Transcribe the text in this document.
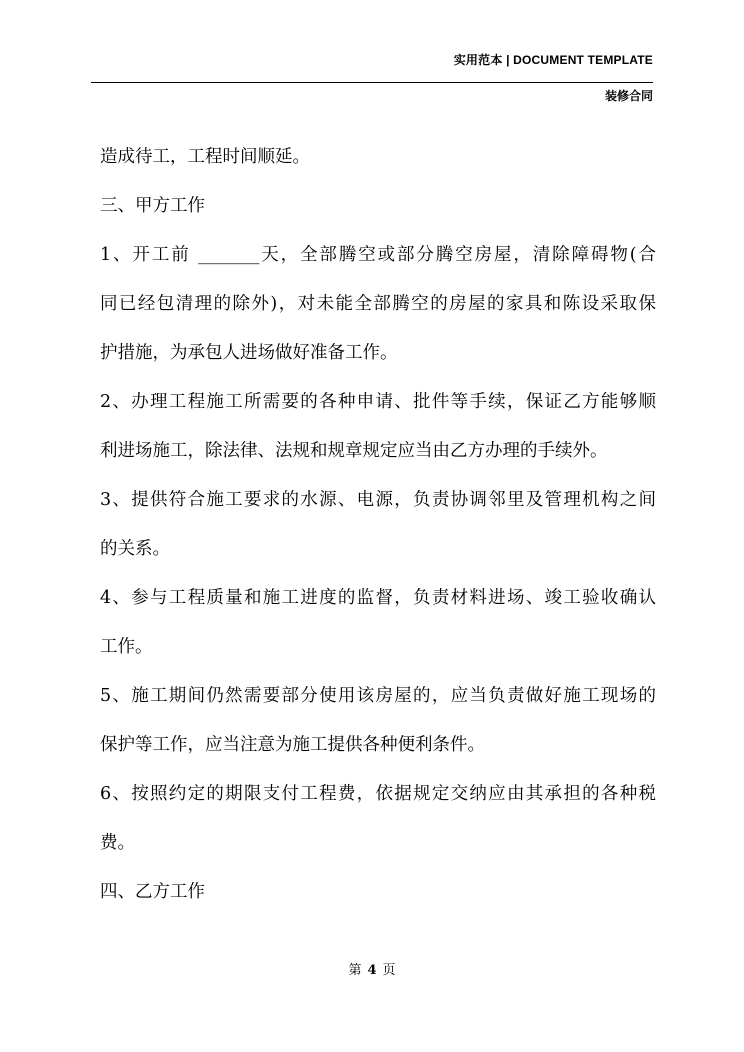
实用范本 | DOCUMENT TEMPLATE
装修合同
造成待工，工程时间顺延。
三、甲方工作
1、开工前 _______天，全部腾空或部分腾空房屋，清除障碍物(合
同已经包清理的除外)，对未能全部腾空的房屋的家具和陈设采取保
护措施，为承包人进场做好准备工作。
2、办理工程施工所需要的各种申请、批件等手续，保证乙方能够顺
利进场施工，除法律、法规和规章规定应当由乙方办理的手续外。
3、提供符合施工要求的水源、电源，负责协调邻里及管理机构之间
的关系。
4、参与工程质量和施工进度的监督，负责材料进场、竣工验收确认
工作。
5、施工期间仍然需要部分使用该房屋的，应当负责做好施工现场的
保护等工作，应当注意为施工提供各种便利条件。
6、按照约定的期限支付工程费，依据规定交纳应由其承担的各种税
费。
四、乙方工作
第 4 页
